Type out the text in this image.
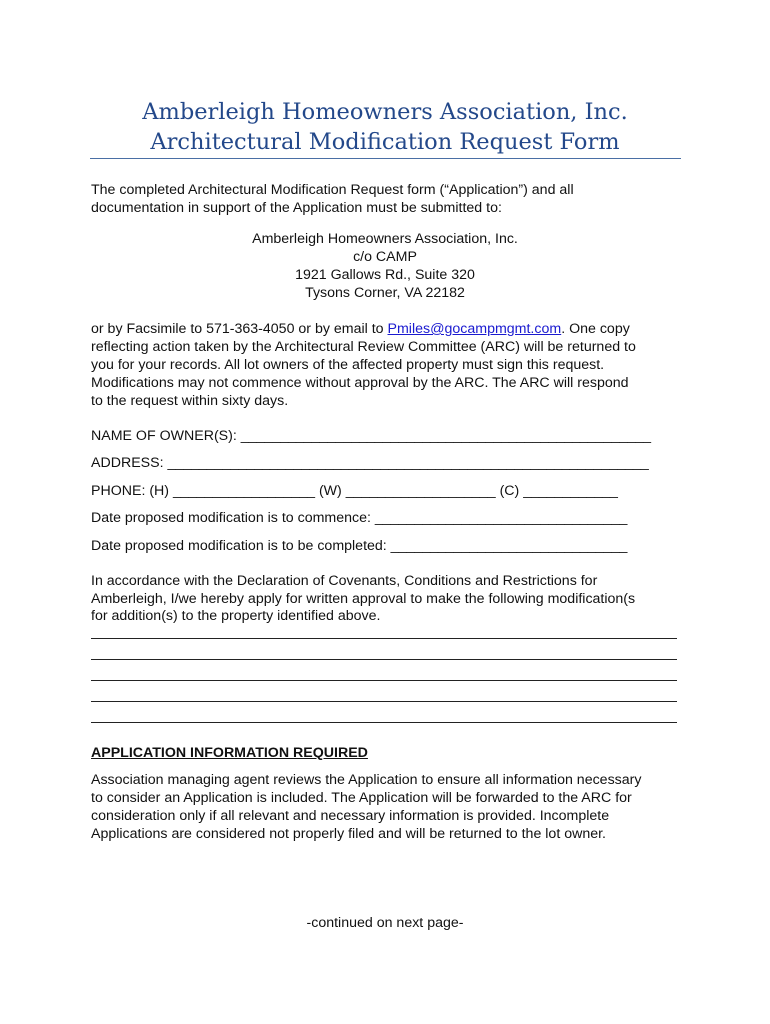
Amberleigh Homeowners Association, Inc.
Architectural Modification Request Form
The completed Architectural Modification Request form (“Application”) and all
documentation in support of the Application must be submitted to:
Amberleigh Homeowners Association, Inc.
c/o CAMP
1921 Gallows Rd., Suite 320
Tysons Corner, VA 22182
or by Facsimile to 571-363-4050 or by email to Pmiles@gocampmgmt.com. One copy
reflecting action taken by the Architectural Review Committee (ARC) will be returned to
you for your records. All lot owners of the affected property must sign this request.
Modifications may not commence without approval by the ARC. The ARC will respond
to the request within sixty days.
NAME OF OWNER(S): ____________________________________________________
ADDRESS: _____________________________________________________________
PHONE: (H) __________________ (W) ___________________ (C) ____________
Date proposed modification is to commence: ________________________________
Date proposed modification is to be completed: ______________________________
In accordance with the Declaration of Covenants, Conditions and Restrictions for
Amberleigh, I/we hereby apply for written approval to make the following modification(s
for addition(s) to the property identified above.
APPLICATION INFORMATION REQUIRED
Association managing agent reviews the Application to ensure all information necessary
to consider an Application is included. The Application will be forwarded to the ARC for
consideration only if all relevant and necessary information is provided. Incomplete
Applications are considered not properly filed and will be returned to the lot owner.
-continued on next page-
